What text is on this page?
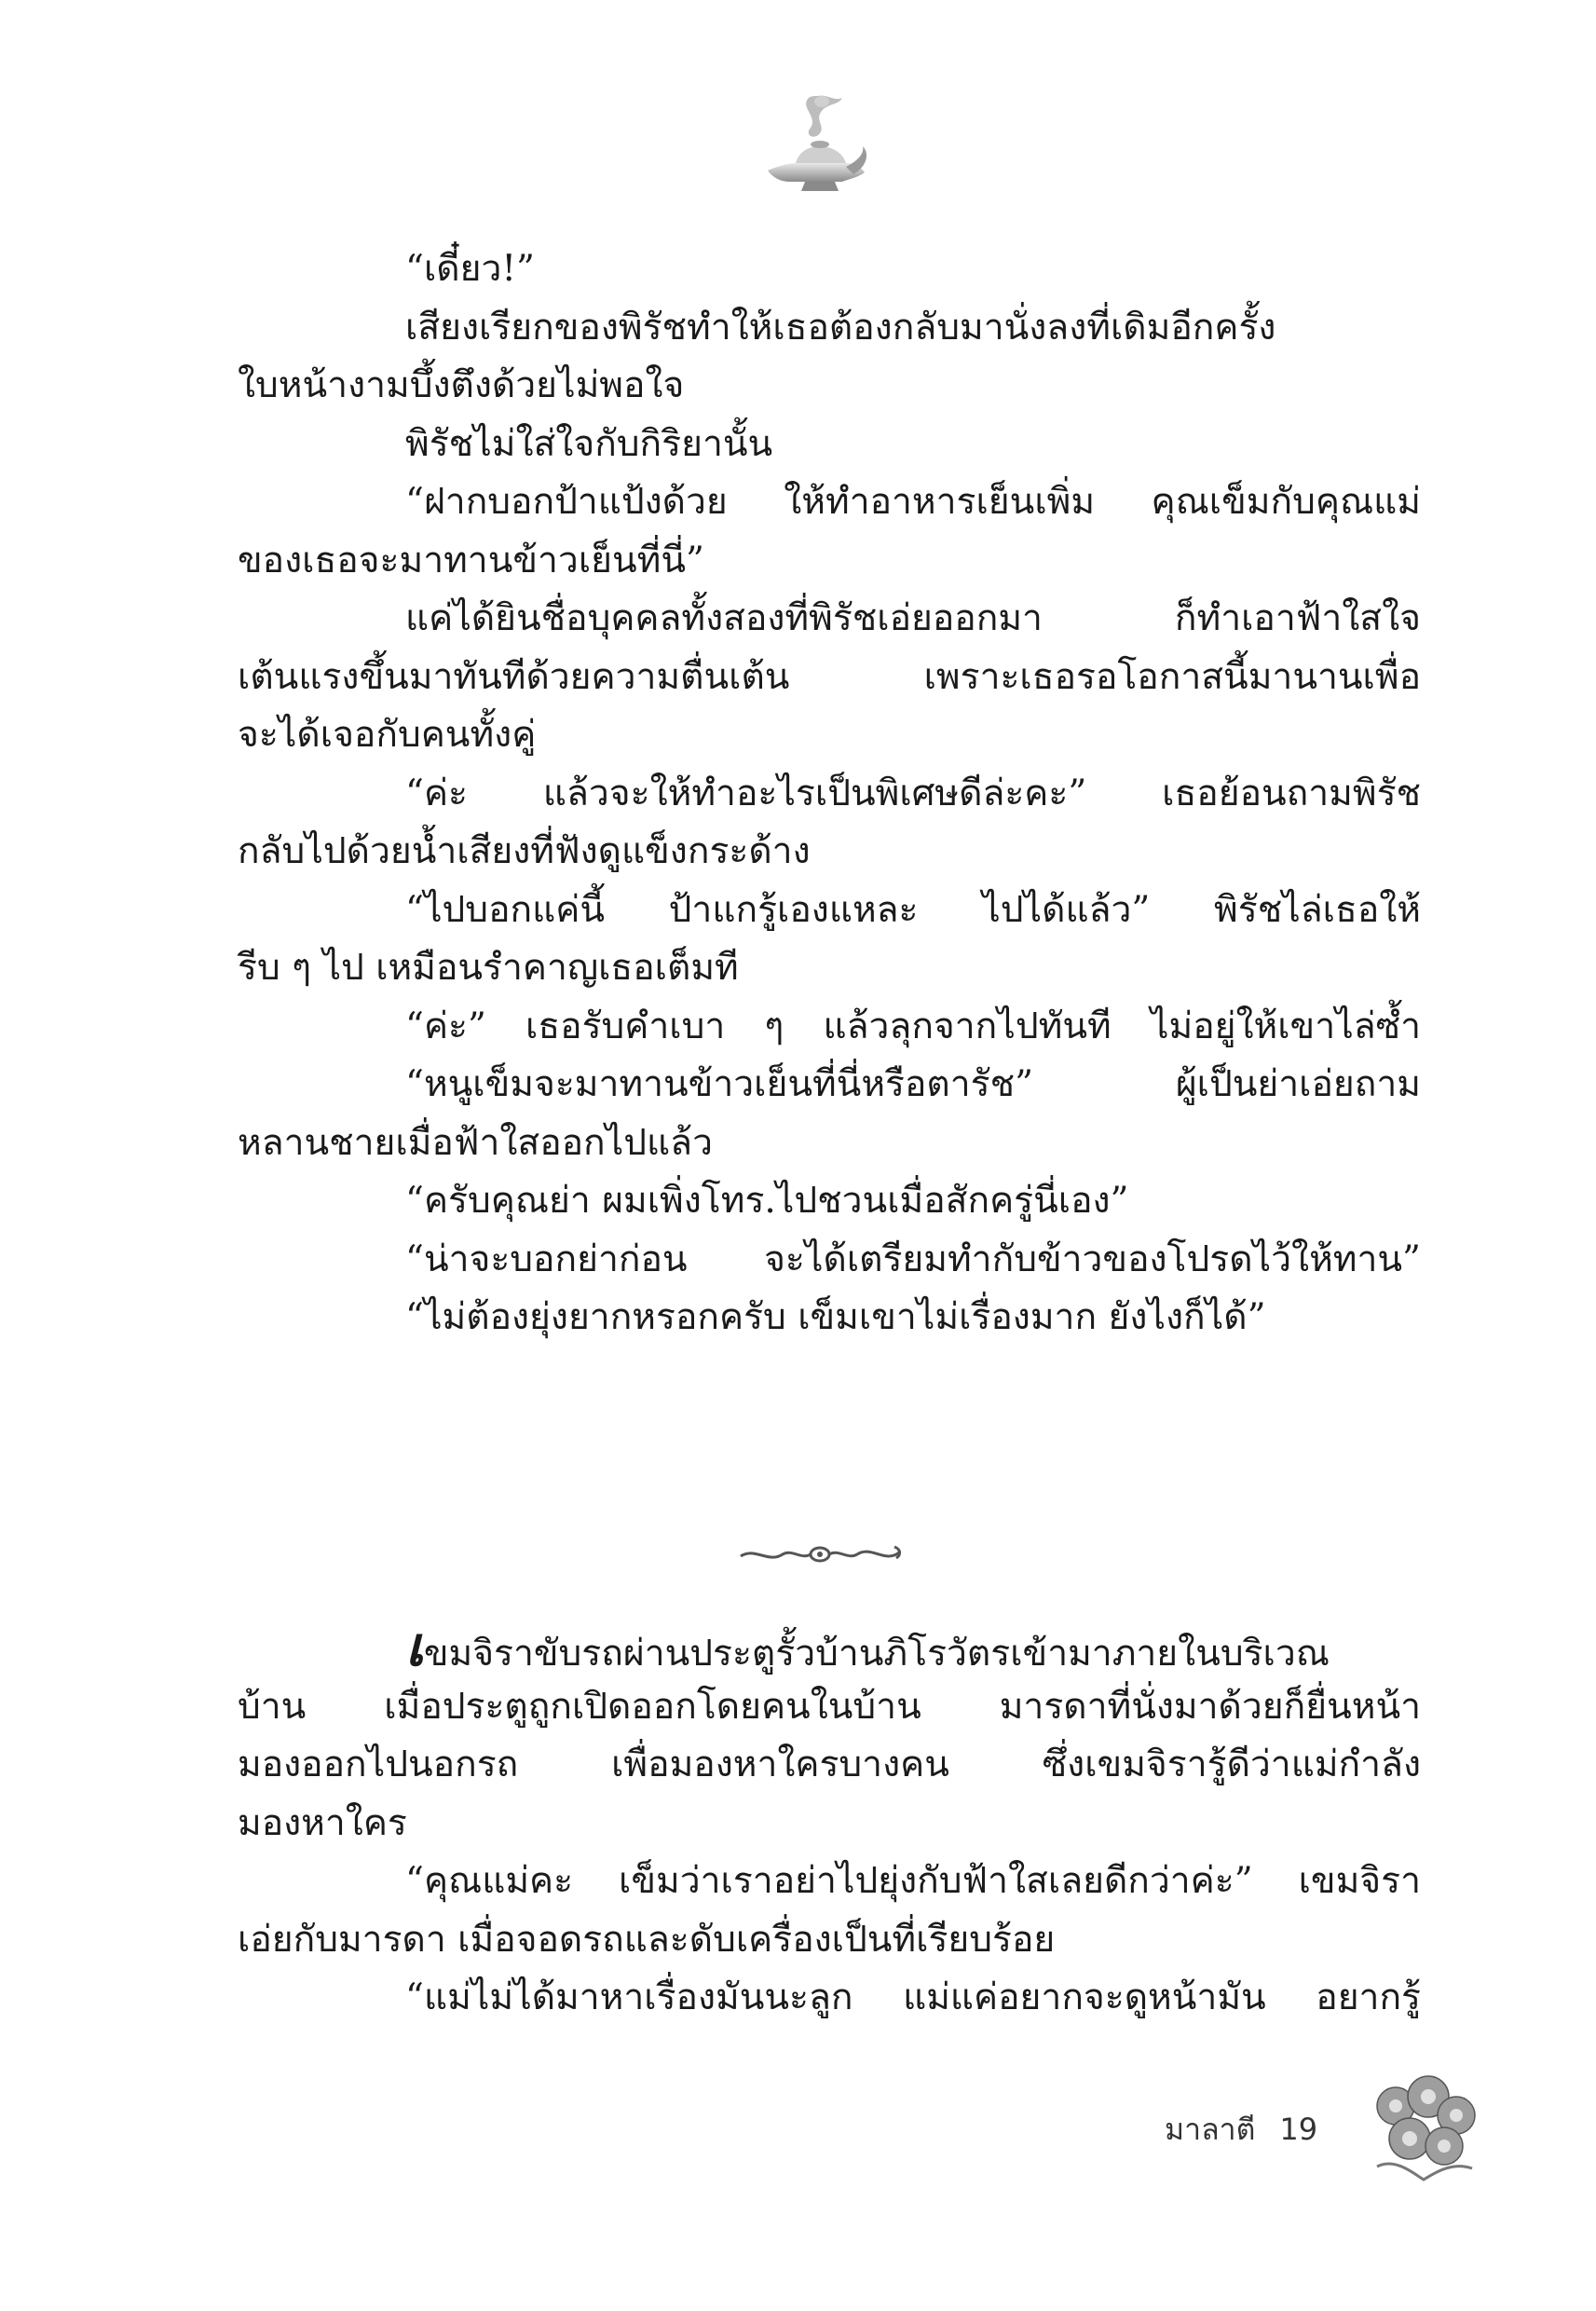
“เดี๋ยว!”
เสียงเรียกของพิรัชทำให้เธอต้องกลับมานั่งลงที่เดิมอีกครั้ง
ใบหน้างามบึ้งตึงด้วยไม่พอใจ
พิรัชไม่ใส่ใจกับกิริยานั้น
“ฝากบอกป้าแป้งด้วย ให้ทำอาหารเย็นเพิ่ม คุณเข็มกับคุณแม่
ของเธอจะมาทานข้าวเย็นที่นี่”
แค่ได้ยินชื่อบุคคลทั้งสองที่พิรัชเอ่ยออกมา ก็ทำเอาฟ้าใสใจ
เต้นแรงขึ้นมาทันทีด้วยความตื่นเต้น เพราะเธอรอโอกาสนี้มานานเพื่อ
จะได้เจอกับคนทั้งคู่
“ค่ะ แล้วจะให้ทำอะไรเป็นพิเศษดีล่ะคะ” เธอย้อนถามพิรัช
กลับไปด้วยน้ำเสียงที่ฟังดูแข็งกระด้าง
“ไปบอกแค่นี้ ป้าแกรู้เองแหละ ไปได้แล้ว” พิรัชไล่เธอให้
รีบ ๆ ไป เหมือนรำคาญเธอเต็มที
“ค่ะ” เธอรับคำเบา ๆ แล้วลุกจากไปทันที ไม่อยู่ให้เขาไล่ซ้ำ
“หนูเข็มจะมาทานข้าวเย็นที่นี่หรือตารัช” ผู้เป็นย่าเอ่ยถาม
หลานชายเมื่อฟ้าใสออกไปแล้ว
“ครับคุณย่า ผมเพิ่งโทร.ไปชวนเมื่อสักครู่นี่เอง”
“น่าจะบอกย่าก่อน จะได้เตรียมทำกับข้าวของโปรดไว้ให้ทาน”
“ไม่ต้องยุ่งยากหรอกครับ เข็มเขาไม่เรื่องมาก ยังไงก็ได้”
เขมจิราขับรถผ่านประตูรั้วบ้านภิโรวัตรเข้ามาภายในบริเวณ
บ้าน เมื่อประตูถูกเปิดออกโดยคนในบ้าน มารดาที่นั่งมาด้วยก็ยื่นหน้า
มองออกไปนอกรถ เพื่อมองหาใครบางคน ซึ่งเขมจิรารู้ดีว่าแม่กำลัง
มองหาใคร
“คุณแม่คะ เข็มว่าเราอย่าไปยุ่งกับฟ้าใสเลยดีกว่าค่ะ” เขมจิรา
เอ่ยกับมารดา เมื่อจอดรถและดับเครื่องเป็นที่เรียบร้อย
“แม่ไม่ได้มาหาเรื่องมันนะลูก แม่แค่อยากจะดูหน้ามัน อยากรู้
มาลาตี 19
